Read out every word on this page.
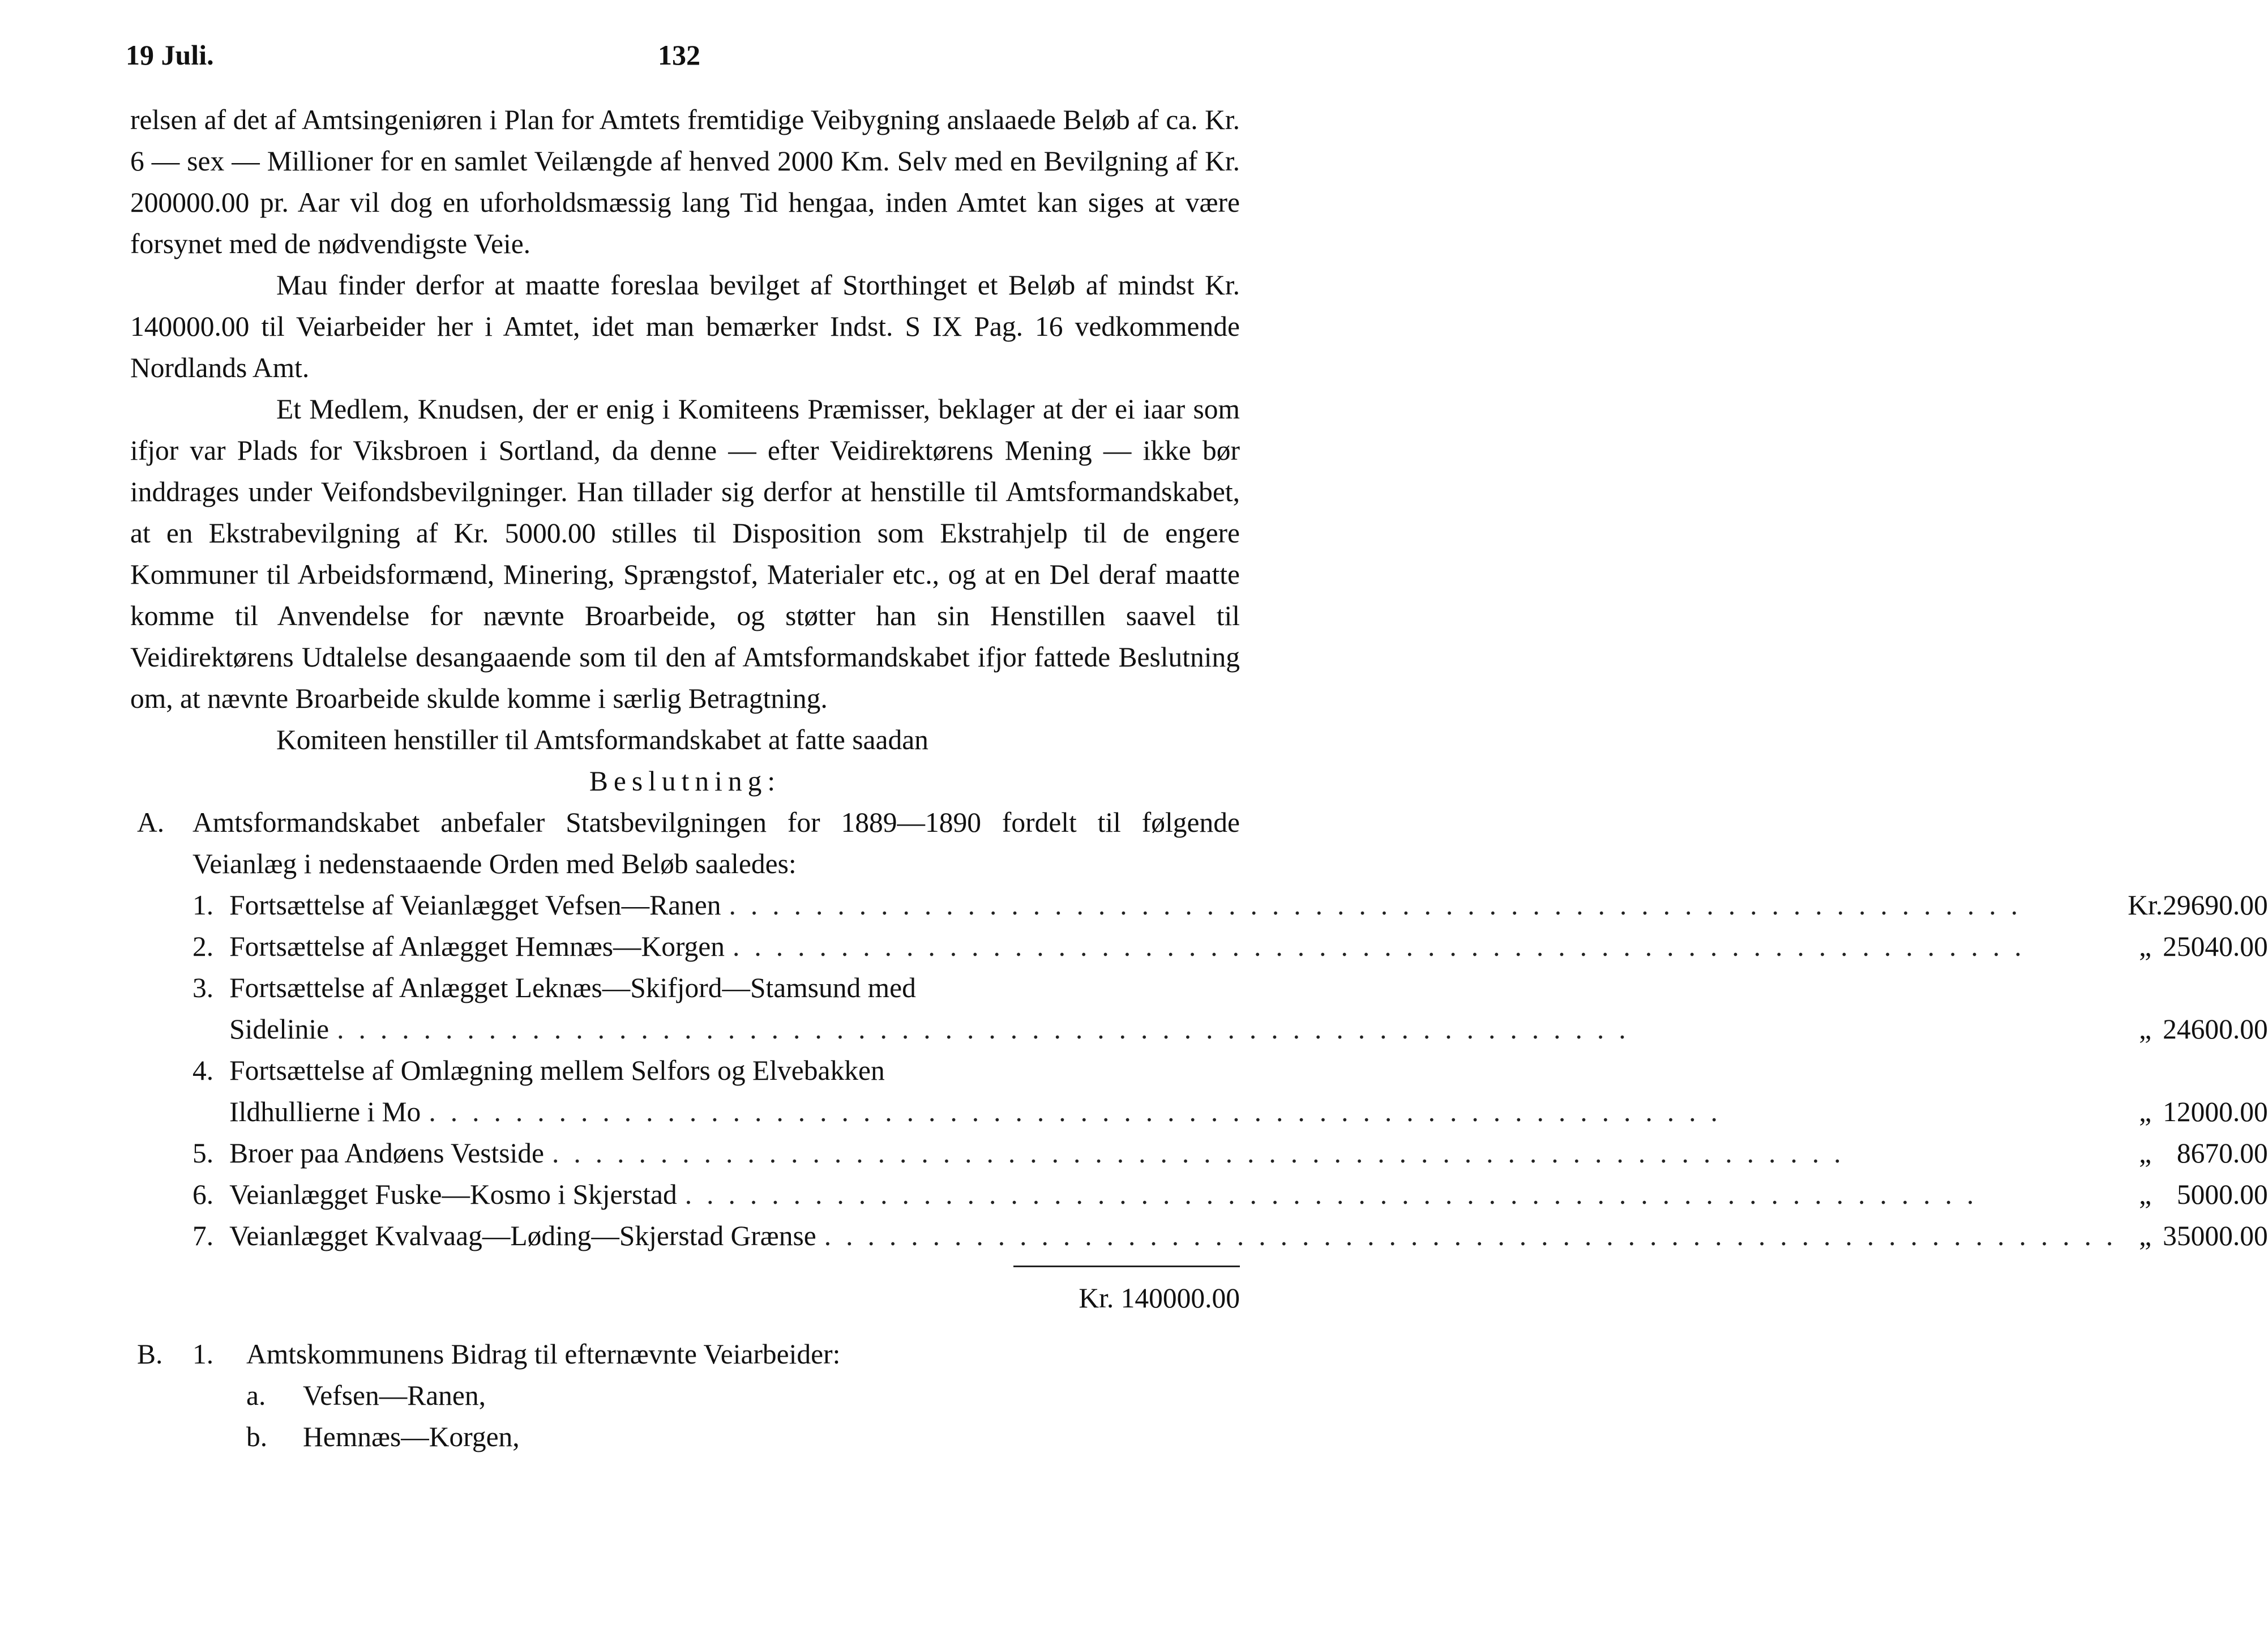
19 Juli.	132

relsen af det af Amtsingeniøren i Plan for Amtets fremtidige Veibygning anslaaede Beløb af ca. Kr. 6 — sex — Millioner for en samlet Veilængde af henved 2000 Km. Selv med en Bevilgning af Kr. 200000.00 pr. Aar vil dog en uforholdsmæssig lang Tid hengaa, inden Amtet kan siges at være forsynet med de nødvendigste Veie.

Mau finder derfor at maatte foreslaa bevilget af Storthinget et Beløb af mindst Kr. 140000.00 til Veiarbeider her i Amtet, idet man bemærker Indst. S IX Pag. 16 vedkommende Nordlands Amt.

Et Medlem, Knudsen, der er enig i Komiteens Præmisser, beklager at der ei iaar som ifjor var Plads for Viksbroen i Sortland, da denne — efter Veidirektørens Mening — ikke bør inddrages under Veifondsbevilgninger. Han tillader sig derfor at henstille til Amtsformandskabet, at en Ekstrabevilgning af Kr. 5000.00 stilles til Disposition som Ekstrahjelp til de engere Kommuner til Arbeidsformænd, Minering, Sprængstof, Materialer etc., og at en Del deraf maatte komme til Anvendelse for nævnte Broarbeide, og støtter han sin Henstillen saavel til Veidirektørens Udtalelse desangaaende som til den af Amtsformandskabet ifjor fattede Beslutning om, at nævnte Broarbeide skulde komme i særlig Betragtning.

Komiteen henstiller til Amtsformandskabet at fatte saadan

Beslutning:

A. Amtsformandskabet anbefaler Statsbevilgningen for 1889—1890 fordelt til følgende Veianlæg i nedenstaaende Orden med Beløb saaledes:

1.	Fortsættelse af Veianlægget Vefsen—Ranen ............................................................	Kr.	29690.00
2.	Fortsættelse af Anlægget Hemnæs—Korgen ............................................................	„	25040.00
3.	Fortsættelse af Anlægget Leknæs—Skifjord—Stamsund med		

	Sidelinie ............................................................	„	24600.00
4.	Fortsættelse af Omlægning mellem Selfors og Elvebakken		

	Ildhullierne i Mo ............................................................	„	12000.00
5.	Broer paa Andøens Vestside ............................................................	„	8670.00
6.	Veianlægget Fuske—Kosmo i Skjerstad ............................................................	„	5000.00
7.	Veianlægget Kvalvaag—Løding—Skjerstad Grænse ............................................................	„	35000.00
Kr. 140000.00
B. 1.	Amtskommunens Bidrag til efternævnte Veiarbeider:
a. Vefsen—Ranen,
b. Hemnæs—Korgen,
